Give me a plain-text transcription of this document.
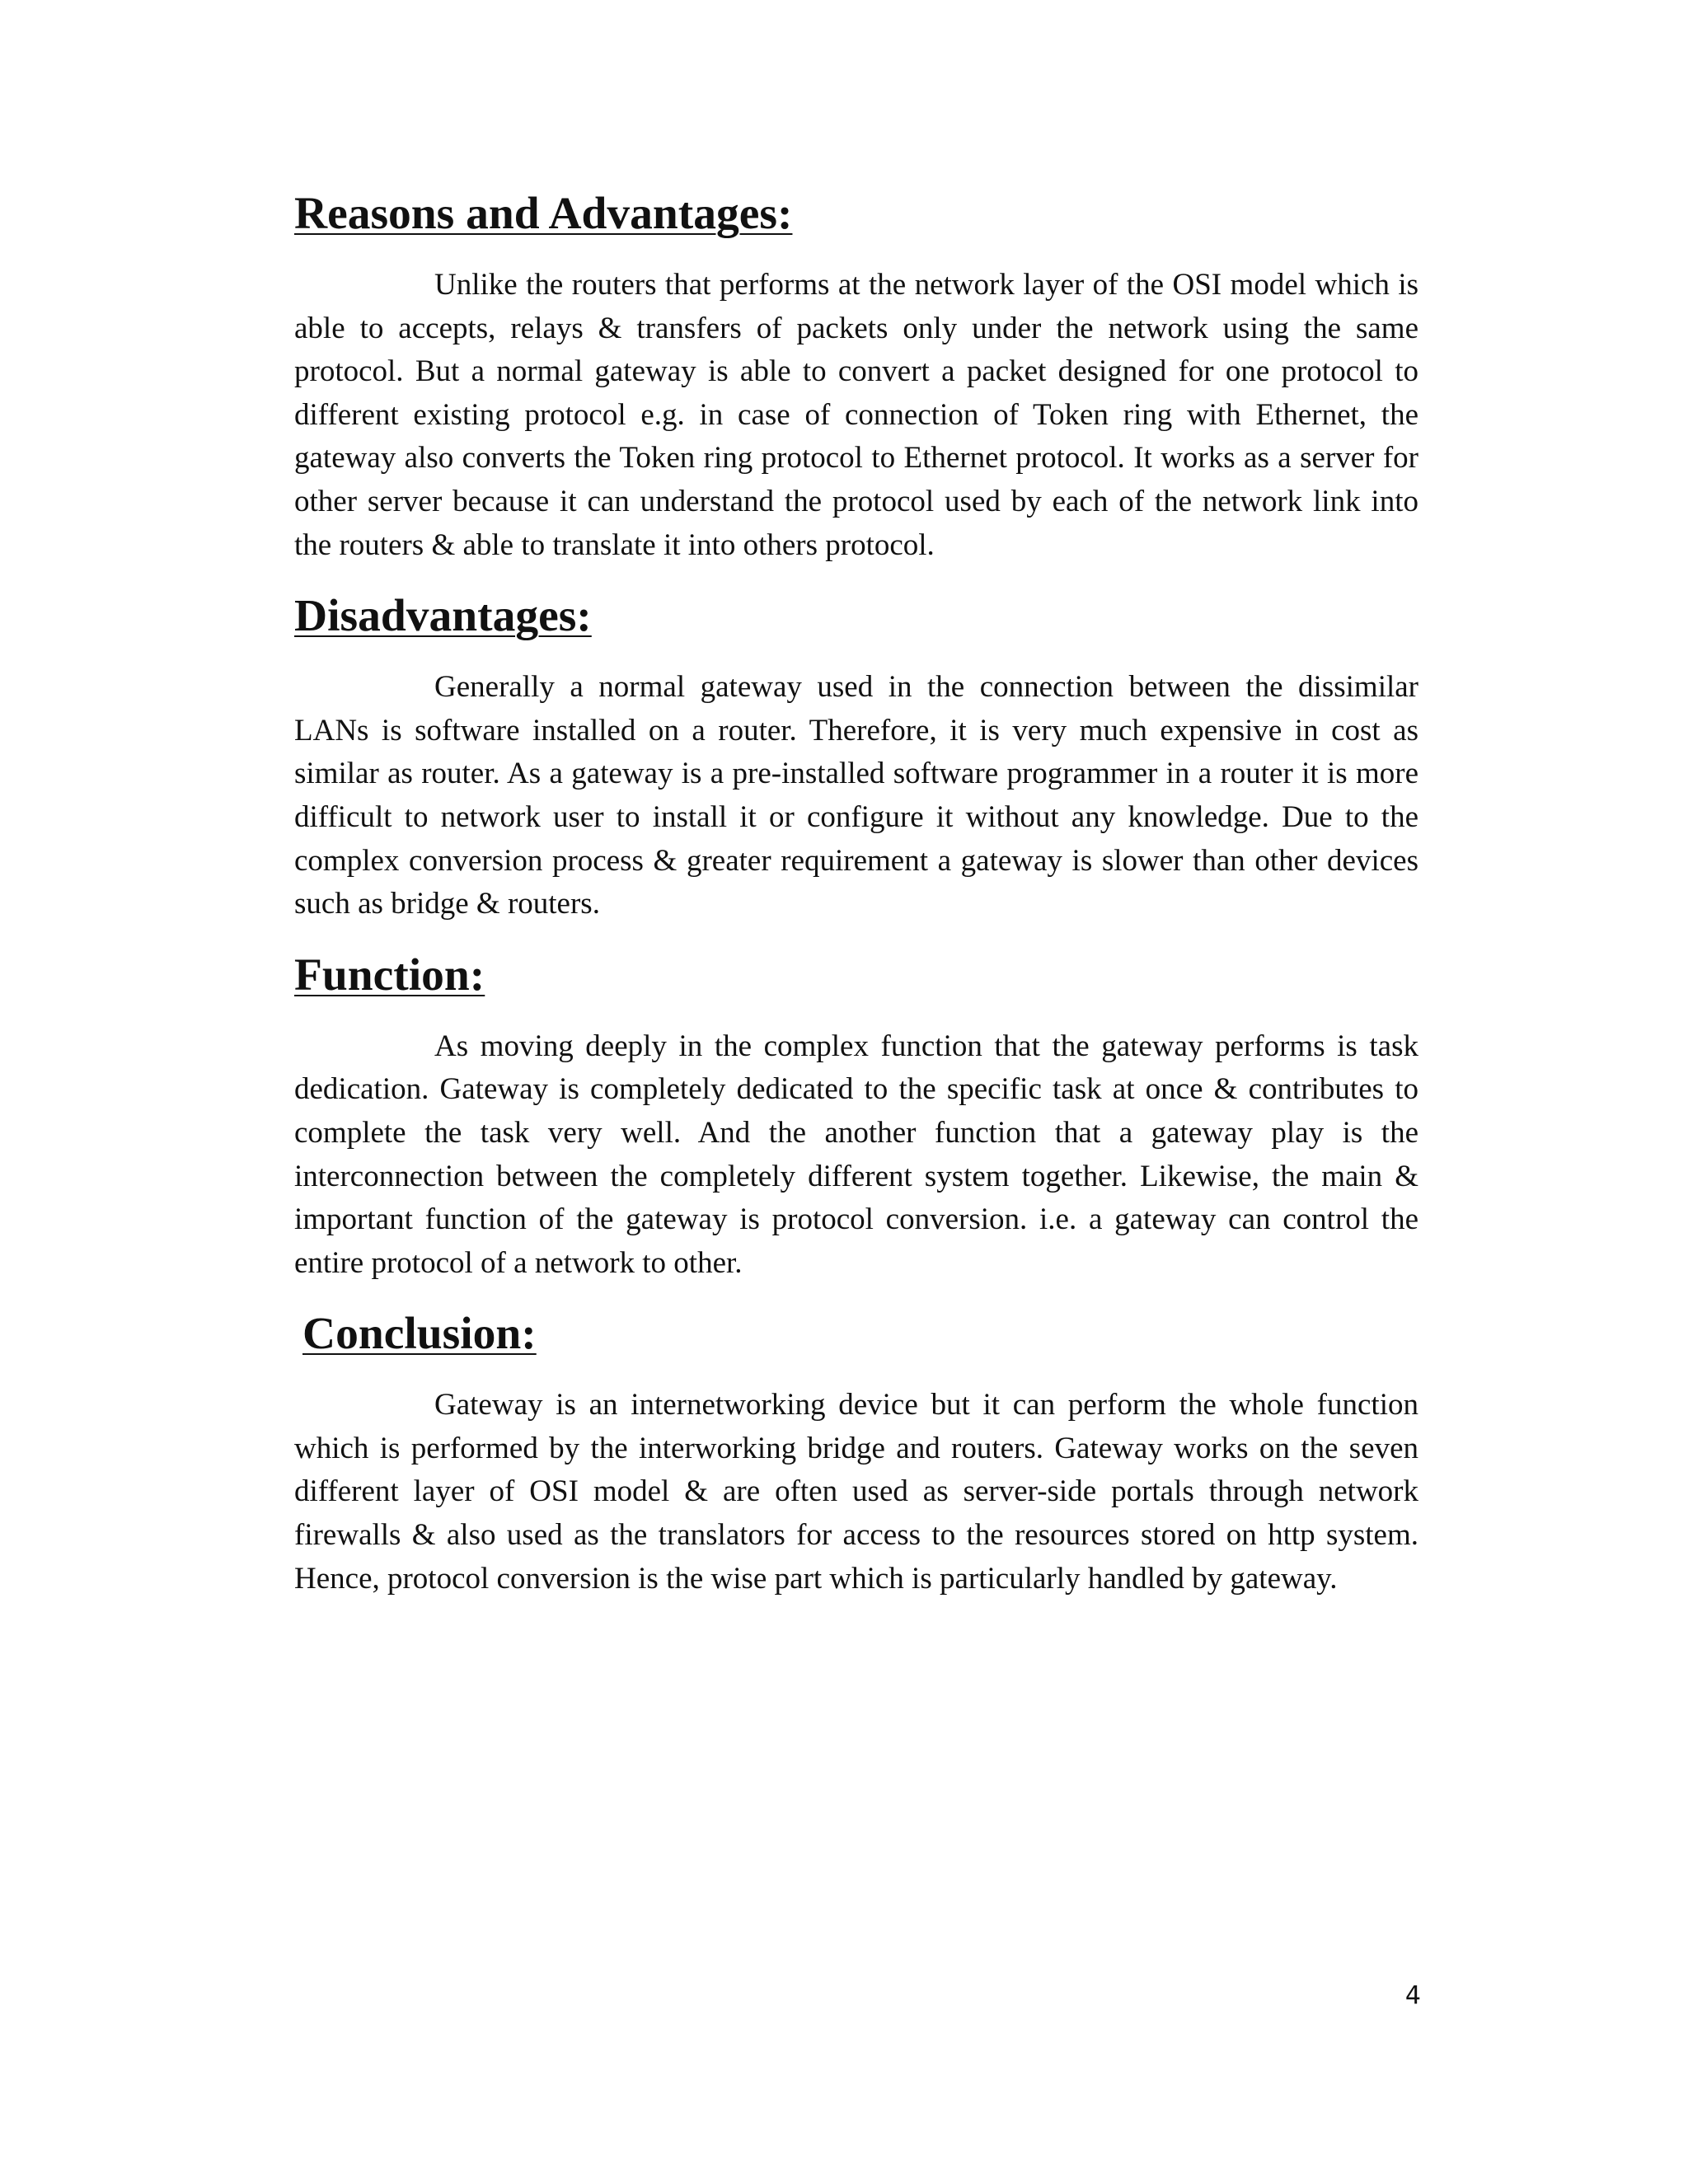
Reasons and Advantages:

Unlike the routers that performs at the network layer of the OSI model which is able to accepts, relays & transfers of packets only under the network using the same protocol. But a normal gateway is able to convert a packet designed for one protocol to different existing protocol e.g. in case of connection of Token ring with Ethernet, the gateway also converts the Token ring protocol to Ethernet protocol. It works as a server for other server because it can understand the protocol used by each of the network link into the routers & able to translate it into others protocol.

Disadvantages:

Generally a normal gateway used in the connection between the dissimilar LANs is software installed on a router. Therefore, it is very much expensive in cost as similar as router. As a gateway is a pre-installed software programmer in a router it is more difficult to network user to install it or configure it without any knowledge. Due to the complex conversion process & greater requirement a gateway is slower than other devices such as bridge & routers.

Function:

As moving deeply in the complex function that the gateway performs is task dedication. Gateway is completely dedicated to the specific task at once & contributes to complete the task very well. And the another function that a gateway play is the interconnection between the completely different system together. Likewise, the main & important function of the gateway is protocol conversion. i.e. a gateway can control the entire protocol of a network to other.

Conclusion:

Gateway is an internetworking device but it can perform the whole function which is performed by the interworking bridge and routers. Gateway works on the seven different layer of OSI model & are often used as server-side portals through network firewalls & also used as the translators for access to the resources stored on http system. Hence, protocol conversion is the wise part which is particularly handled by gateway.

4
